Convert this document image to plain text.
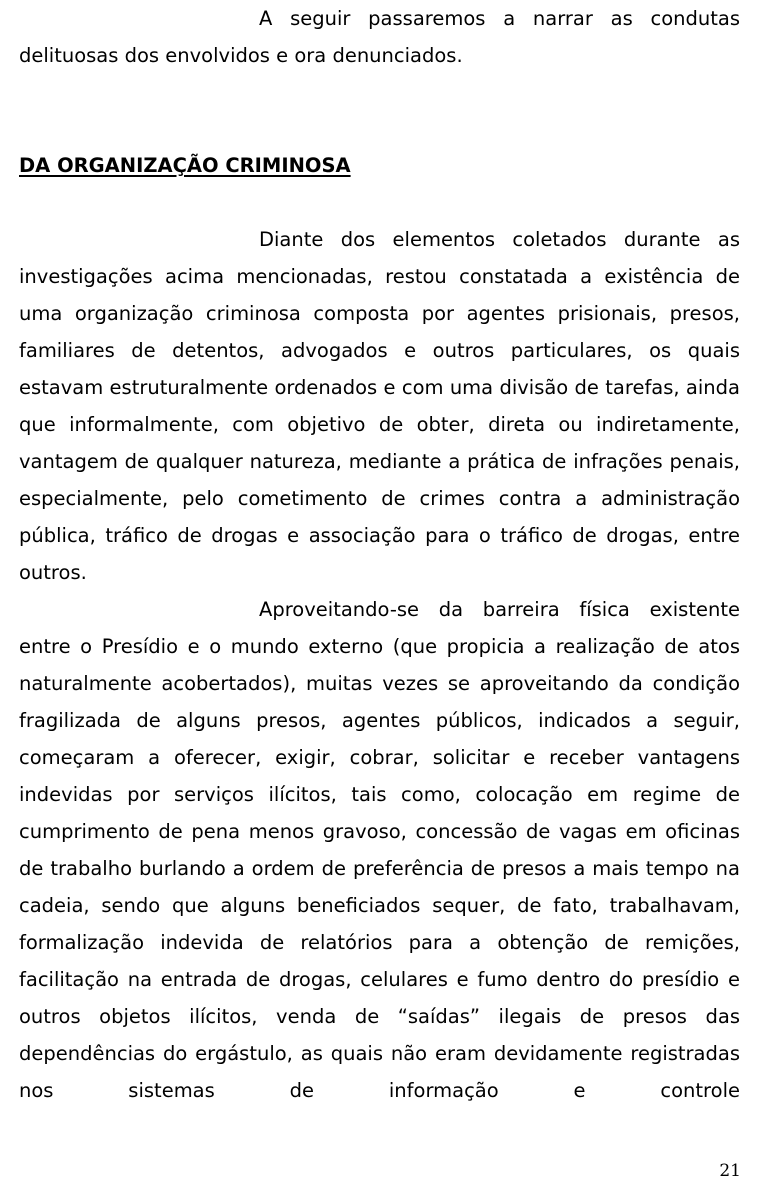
A seguir passaremos a narrar as condutas delituosas dos envolvidos e ora denunciados.

DA ORGANIZAÇÃO CRIMINOSA

Diante dos elementos coletados durante as investigações acima mencionadas, restou constatada a existência de uma organização criminosa composta por agentes prisionais, presos, familiares de detentos, advogados e outros particulares, os quais estavam estruturalmente ordenados e com uma divisão de tarefas, ainda que informalmente, com objetivo de obter, direta ou indiretamente, vantagem de qualquer natureza, mediante a prática de infrações penais, especialmente, pelo cometimento de crimes contra a administração pública, tráfico de drogas e associação para o tráfico de drogas, entre outros.

Aproveitando-se da barreira física existente entre o Presídio e o mundo externo (que propicia a realização de atos naturalmente acobertados), muitas vezes se aproveitando da condição fragilizada de alguns presos, agentes públicos, indicados a seguir, começaram a oferecer, exigir, cobrar, solicitar e receber vantagens indevidas por serviços ilícitos, tais como, colocação em regime de cumprimento de pena menos gravoso, concessão de vagas em oficinas de trabalho burlando a ordem de preferência de presos a mais tempo na cadeia, sendo que alguns beneficiados sequer, de fato, trabalhavam, formalização indevida de relatórios para a obtenção de remições, facilitação na entrada de drogas, celulares e fumo dentro do presídio e outros objetos ilícitos, venda de “saídas” ilegais de presos das dependências do ergástulo, as quais não eram devidamente registradas nos sistemas de informação e controle

21
